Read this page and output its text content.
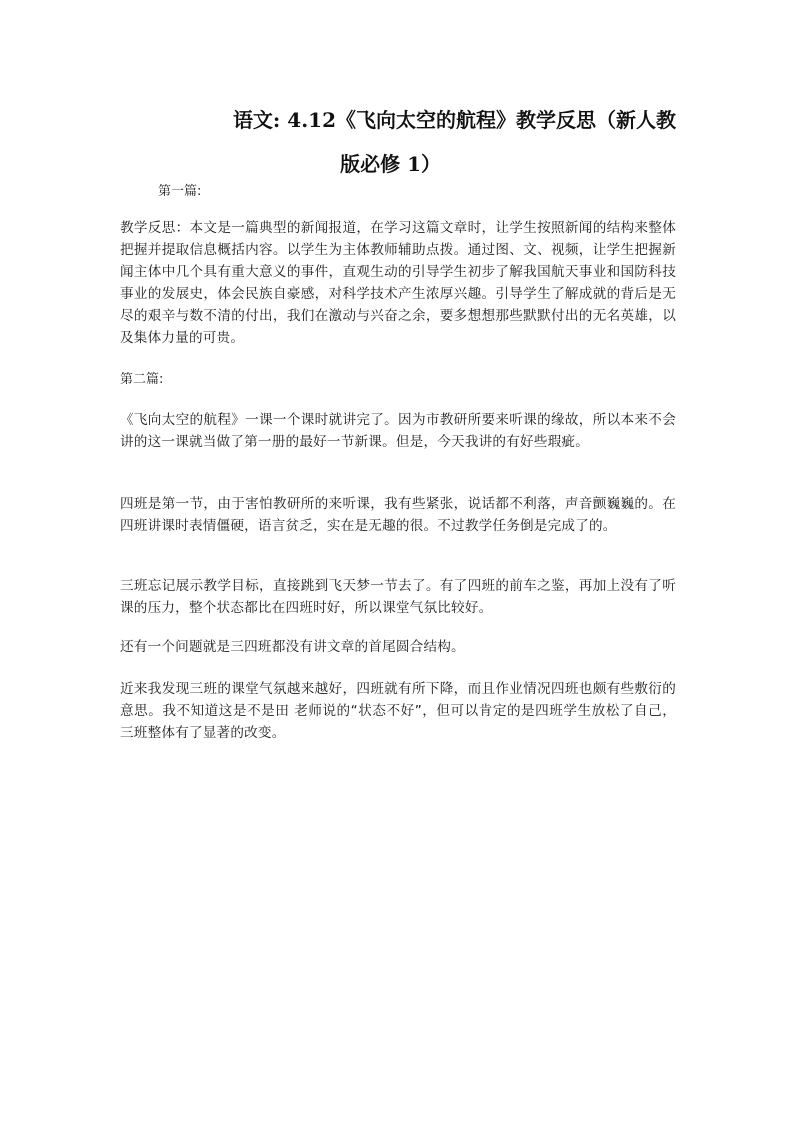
语文: 4.12《飞向太空的航程》教学反思（新人教
版必修 1）
第一篇:
教学反思：本文是一篇典型的新闻报道，在学习这篇文章时，让学生按照新闻的结构来整体把握并提取信息概括内容。以学生为主体教师辅助点拨。通过图、文、视频，让学生把握新闻主体中几个具有重大意义的事件，直观生动的引导学生初步了解我国航天事业和国防科技事业的发展史，体会民族自豪感，对科学技术产生浓厚兴趣。引导学生了解成就的背后是无尽的艰辛与数不清的付出，我们在激动与兴奋之余，要多想想那些默默付出的无名英雄，以及集体力量的可贵。
第二篇:
《飞向太空的航程》一课一个课时就讲完了。因为市教研所要来听课的缘故，所以本来不会讲的这一课就当做了第一册的最好一节新课。但是，今天我讲的有好些瑕疵。
四班是第一节，由于害怕教研所的来听课，我有些紧张，说话都不利落，声音颤巍巍的。在四班讲课时表情僵硬，语言贫乏，实在是无趣的很。不过教学任务倒是完成了的。
三班忘记展示教学目标，直接跳到飞天梦一节去了。有了四班的前车之鉴，再加上没有了听课的压力，整个状态都比在四班时好，所以课堂气氛比较好。
还有一个问题就是三四班都没有讲文章的首尾圆合结构。
近来我发现三班的课堂气氛越来越好，四班就有所下降，而且作业情况四班也颇有些敷衍的意思。我不知道这是不是田 老师说的“状态不好”，但可以肯定的是四班学生放松了自己，三班整体有了显著的改变。
